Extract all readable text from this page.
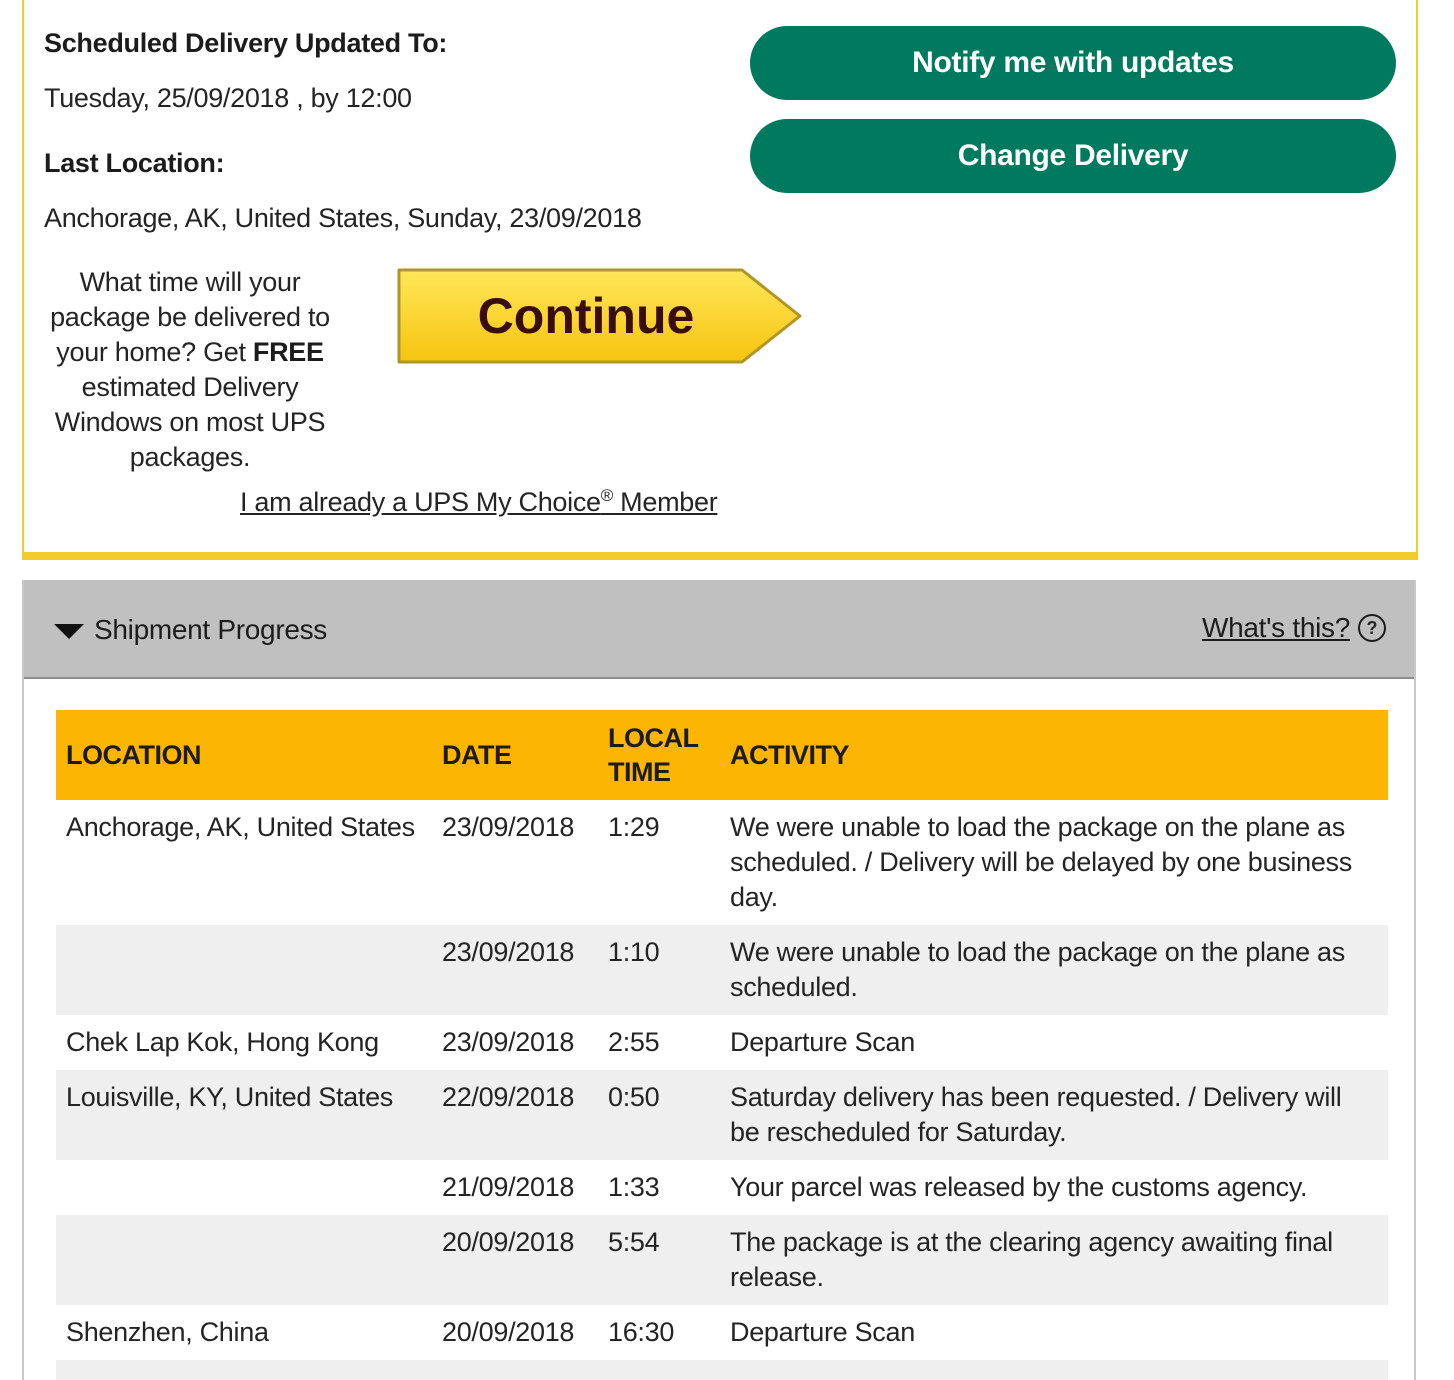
Scheduled Delivery Updated To:
Tuesday, 25/09/2018 , by 12:00
Last Location:
Anchorage, AK, United States, Sunday, 23/09/2018
Notify me with updates
Change Delivery
What time will your package be delivered to your home? Get FREE estimated Delivery Windows on most UPS packages.
Continue
I am already a UPS My Choice® Member
Shipment Progress	What's this? ?
LOCATION	DATE	LOCAL TIME	ACTIVITY
Anchorage, AK, United States	23/09/2018	1:29	We were unable to load the package on the plane as scheduled. / Delivery will be delayed by one business day.
	23/09/2018	1:10	We were unable to load the package on the plane as scheduled.
Chek Lap Kok, Hong Kong	23/09/2018	2:55	Departure Scan
Louisville, KY, United States	22/09/2018	0:50	Saturday delivery has been requested. / Delivery will be rescheduled for Saturday.
	21/09/2018	1:33	Your parcel was released by the customs agency.
	20/09/2018	5:54	The package is at the clearing agency awaiting final release.
Shenzhen, China	20/09/2018	16:30	Departure Scan
